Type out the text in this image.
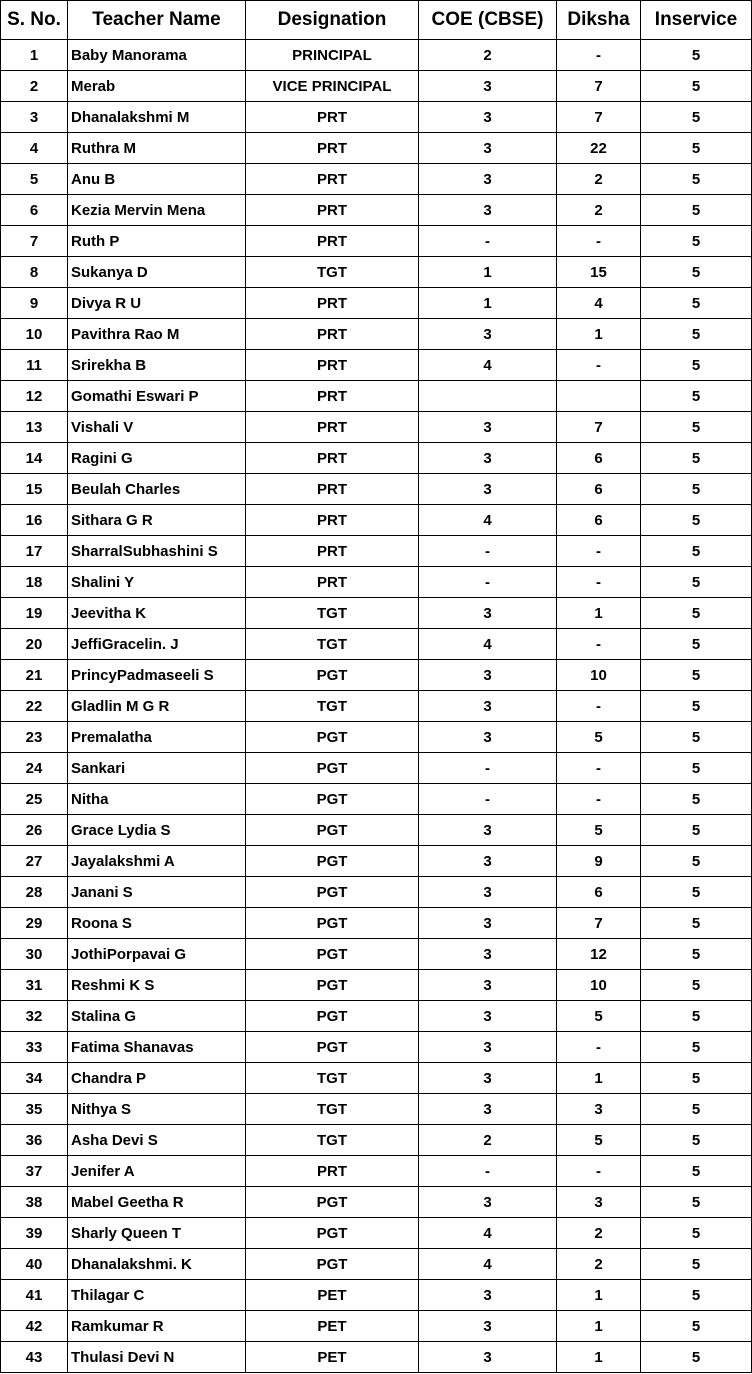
S. No.	Teacher Name	Designation	COE (CBSE)	Diksha	Inservice
1	Baby Manorama	PRINCIPAL	2	-	5
2	Merab	VICE PRINCIPAL	3	7	5
3	Dhanalakshmi M	PRT	3	7	5
4	Ruthra M	PRT	3	22	5
5	Anu B	PRT	3	2	5
6	Kezia Mervin Mena	PRT	3	2	5
7	Ruth P	PRT	-	-	5
8	Sukanya D	TGT	1	15	5
9	Divya R U	PRT	1	4	5
10	Pavithra Rao M	PRT	3	1	5
11	Srirekha B	PRT	4	-	5
12	Gomathi Eswari P	PRT			5
13	Vishali V	PRT	3	7	5
14	Ragini G	PRT	3	6	5
15	Beulah Charles	PRT	3	6	5
16	Sithara G R	PRT	4	6	5
17	SharralSubhashini S	PRT	-	-	5
18	Shalini Y	PRT	-	-	5
19	Jeevitha K	TGT	3	1	5
20	JeffiGracelin. J	TGT	4	-	5
21	PrincyPadmaseeli S	PGT	3	10	5
22	Gladlin M G R	TGT	3	-	5
23	Premalatha	PGT	3	5	5
24	Sankari	PGT	-	-	5
25	Nitha	PGT	-	-	5
26	Grace Lydia S	PGT	3	5	5
27	Jayalakshmi A	PGT	3	9	5
28	Janani S	PGT	3	6	5
29	Roona S	PGT	3	7	5
30	JothiPorpavai G	PGT	3	12	5
31	Reshmi K S	PGT	3	10	5
32	Stalina G	PGT	3	5	5
33	Fatima Shanavas	PGT	3	-	5
34	Chandra P	TGT	3	1	5
35	Nithya S	TGT	3	3	5
36	Asha Devi S	TGT	2	5	5
37	Jenifer A	PRT	-	-	5
38	Mabel Geetha R	PGT	3	3	5
39	Sharly Queen T	PGT	4	2	5
40	Dhanalakshmi. K	PGT	4	2	5
41	Thilagar C	PET	3	1	5
42	Ramkumar R	PET	3	1	5
43	Thulasi Devi N	PET	3	1	5
